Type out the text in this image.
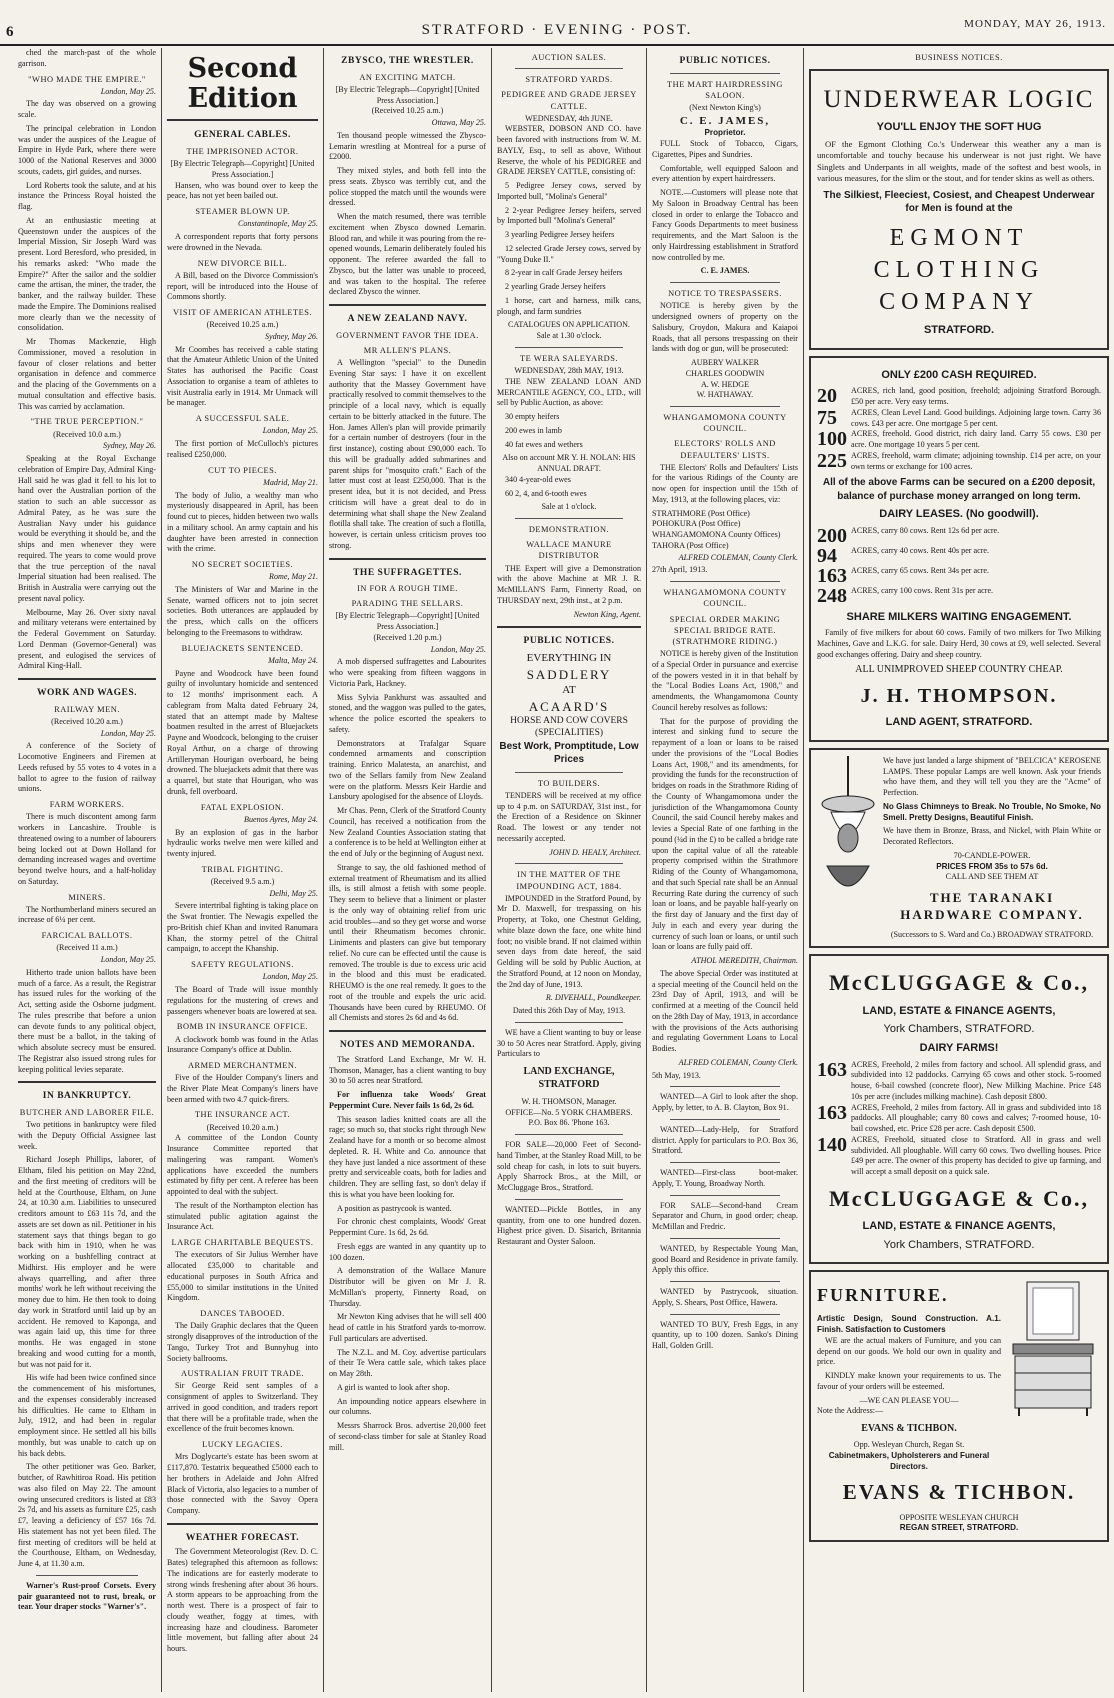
6	STRATFORD · EVENING · POST.	MONDAY, MAY 26, 1913.

ched the march-past of the whole garrison.

"WHO MADE THE EMPIRE."
London, May 25.

The day was observed on a growing scale.

The principal celebration in London was under the auspices of the League of Empire in Hyde Park, where there were 1000 of the National Reserves and 3000 scouts, cadets, girl guides, and nurses.

Lord Roberts took the salute, and at his instance the Princess Royal hoisted the flag.

At an enthusiastic meeting at Queenstown under the auspices of the Imperial Mission, Sir Joseph Ward was present. Lord Beresford, who presided, in his remarks asked: "Who made the Empire?" After the sailor and the soldier came the artisan, the miner, the trader, the banker, and the railway builder. These made the Empire. The Dominions realised more clearly than we the necessity of consolidation.

Mr Thomas Mackenzie, High Commissioner, moved a resolution in favour of closer relations and better organisation in defence and commerce and the placing of the Governments on a mutual consultation and effective basis. This was carried by acclamation.

"THE TRUE PERCEPTION."
(Received 10.0 a.m.)
Sydney, May 26.

Speaking at the Royal Exchange celebration of Empire Day, Admiral King-Hall said he was glad it fell to his lot to hand over the Australian portion of the station to such an able successor as Admiral Patey, as he was sure the Australian Navy under his guidance would be everything it should be, and the ships and men whenever they were required. The years to come would prove that the true perception of the naval Imperial situation had been realised. The British in Australia were carrying out the present naval policy.

Melbourne, May 26. Over sixty naval and military veterans were entertained by the Federal Government on Saturday. Lord Denman (Governor-General) was present, and eulogised the services of Admiral King-Hall.

WORK AND WAGES.
RAILWAY MEN.
(Received 10.20 a.m.)
London, May 25.

A conference of the Society of Locomotive Engineers and Firemen at Leeds refused by 55 votes to 4 votes in a ballot to agree to the fusion of railway unions.

FARM WORKERS.

There is much discontent among farm workers in Lancashire. Trouble is threatened owing to a number of labourers being locked out at Down Holland for demanding increased wages and overtime beyond twelve hours, and a half-holiday on Saturday.

MINERS.

The Northumberland miners secured an increase of 6¼ per cent.

FARCICAL BALLOTS.
(Received 11 a.m.)
London, May 25.

Hitherto trade union ballots have been much of a farce. As a result, the Registrar has issued rules for the working of the Act, setting aside the Osborne judgment. The rules prescribe that before a union can devote funds to any political object, there must be a ballot, in the taking of which absolute secrecy must be ensured. The Registrar also issued strong rules for keeping political levies separate.

IN BANKRUPTCY.
BUTCHER AND LABORER FILE.

Two petitions in bankruptcy were filed with the Deputy Official Assignee last week.

Richard Joseph Phillips, laborer, of Eltham, filed his petition on May 22nd, and the first meeting of creditors will be held at the Courthouse, Eltham, on June 24, at 10.30 a.m. Liabilities to unsecured creditors amount to £63 11s 7d, and the assets are set down as nil. Petitioner in his statement says that things began to go back with him in 1910, when he was working on a bushfelling contract at Midhirst. His employer and he were always quarrelling, and after three months' work he left without receiving the money due to him. He then took to doing day work in Stratford until laid up by an accident. He removed to Kaponga, and was again laid up, this time for three months. He was engaged in stone breaking and wood cutting for a month, but was not paid for it.

His wife had been twice confined since the commencement of his misfortunes, and the expenses considerably increased his difficulties. He came to Eltham in July, 1912, and had been in regular employment since. He settled all his bills monthly, but was unable to catch up on his back debts.

The other petitioner was Geo. Barker, butcher, of Rawhitiroa Road. His petition was also filed on May 22. The amount owing unsecured creditors is listed at £83 2s 7d, and his assets as furniture £25, cash £7, leaving a deficiency of £57 16s 7d. His statement has not yet been filed. The first meeting of creditors will be held at the Courthouse, Eltham, on Wednesday, June 4, at 11.30 a.m.

Warner's Rust-proof Corsets. Every pair guaranteed not to rust, break, or tear. Your draper stocks "Warner's".

Second Edition
GENERAL CABLES.
THE IMPRISONED ACTOR.
[By Electric Telegraph—Copyright] [United Press Association.]

Hansen, who was bound over to keep the peace, has not yet been bailed out.

STEAMER BLOWN UP.
Constantinople, May 25.

A correspondent reports that forty persons were drowned in the Nevada.

NEW DIVORCE BILL.

A Bill, based on the Divorce Commission's report, will be introduced into the House of Commons shortly.

VISIT OF AMERICAN ATHLETES.
(Received 10.25 a.m.)
Sydney, May 26.

Mr Coombes has received a cable stating that the Amateur Athletic Union of the United States has authorised the Pacific Coast Association to organise a team of athletes to visit Australia early in 1914. Mr Unmack will be manager.

A SUCCESSFUL SALE.
London, May 25.

The first portion of McCulloch's pictures realised £250,000.

CUT TO PIECES.
Madrid, May 21.

The body of Julio, a wealthy man who mysteriously disappeared in April, has been found cut to pieces, hidden between two walls in a military school. An army captain and his daughter have been arrested in connection with the crime.

NO SECRET SOCIETIES.
Rome, May 21.

The Ministers of War and Marine in the Senate, warned officers not to join secret societies. Both utterances are applauded by the press, which calls on the officers belonging to the Freemasons to withdraw.

BLUEJACKETS SENTENCED.
Malta, May 24.

Payne and Woodcock have been found guilty of involuntary homicide and sentenced to 12 months' imprisonment each. A cablegram from Malta dated February 24, stated that an attempt made by Maltese boatmen resulted in the arrest of Bluejackets Payne and Woodcock, belonging to the cruiser Royal Arthur, on a charge of throwing Artilleryman Hourigan overboard, he being drowned. The bluejackets admit that there was a quarrel, but state that Hourigan, who was drunk, fell overboard.

FATAL EXPLOSION.
Buenos Ayres, May 24.

By an explosion of gas in the harbor hydraulic works twelve men were killed and twenty injured.

TRIBAL FIGHTING.
(Received 9.5 a.m.)
Delhi, May 25.

Severe intertribal fighting is taking place on the Swat frontier. The Newagis expelled the pro-British chief Khan and invited Ranumara Khan, the stormy petrel of the Chitral campaign, to accept the Khanship.

SAFETY REGULATIONS.
London, May 25.

The Board of Trade will issue monthly regulations for the mustering of crews and passengers whenever boats are lowered at sea.

BOMB IN INSURANCE OFFICE.

A clockwork bomb was found in the Atlas Insurance Company's office at Dublin.

ARMED MERCHANTMEN.

Five of the Houlder Company's liners and the River Plate Meat Company's liners have been armed with two 4.7 quick-firers.

THE INSURANCE ACT.
(Received 10.20 a.m.)

A committee of the London County Insurance Committee reported that malingering was rampant. Women's applications have exceeded the numbers estimated by fifty per cent. A referee has been appointed to deal with the subject.

The result of the Northampton election has stimulated public agitation against the Insurance Act.

LARGE CHARITABLE BEQUESTS.

The executors of Sir Julius Wernher have allocated £35,000 to charitable and educational purposes in South Africa and £55,000 to similar institutions in the United Kingdom.

DANCES TABOOED.

The Daily Graphic declares that the Queen strongly disapproves of the introduction of the Tango, Turkey Trot and Bunnyhug into Society ballrooms.

AUSTRALIAN FRUIT TRADE.

Sir George Reid sent samples of a consignment of apples to Switzerland. They arrived in good condition, and traders report that there will be a profitable trade, when the excellence of the fruit becomes known.

LUCKY LEGACIES.

Mrs Doglycarte's estate has been sworn at £117,870. Testatrix bequeathed £5000 each to her brothers in Adelaide and John Alfred Black of Victoria, also legacies to a number of those connected with the Savoy Opera Company.

WEATHER FORECAST.

The Government Meteorologist (Rev. D. C. Bates) telegraphed this afternoon as follows: The indications are for easterly moderate to strong winds freshening after about 36 hours. A storm appears to be approaching from the north west. There is a prospect of fair to cloudy weather, foggy at times, with increasing haze and cloudiness. Barometer little movement, but falling after about 24 hours.

ZBYSCO, THE WRESTLER.
AN EXCITING MATCH.
[By Electric Telegraph—Copyright] [United Press Association.]
(Received 10.25 a.m.)
Ottawa, May 25.

Ten thousand people witnessed the Zbysco-Lemarin wrestling at Montreal for a purse of £2000.

They mixed styles, and both fell into the press seats. Zbysco was terribly cut, and the police stopped the match until the wounds were dressed.

When the match resumed, there was terrible excitement when Zbysco downed Lemarin. Blood ran, and while it was pouring from the re-opened wounds, Lemarin deliberately fouled his opponent. The referee awarded the fall to Zbysco, but the latter was unable to proceed, and was taken to the hospital. The referee declared Zbysco the winner.

A NEW ZEALAND NAVY.
GOVERNMENT FAVOR THE IDEA.
MR ALLEN'S PLANS.

A Wellington "special" to the Dunedin Evening Star says: I have it on excellent authority that the Massey Government have practically resolved to commit themselves to the principle of a local navy, which is equally certain to be bitterly attacked in the future. The Hon. James Allen's plan will provide primarily for a certain number of destroyers (four in the first instance), costing about £90,000 each. To this will be gradually added submarines and parent ships for "mosquito craft." Each of the latter must cost at least £250,000. That is the present idea, but it is not decided, and Press criticism will have a great deal to do in determining what shall shape the New Zealand flotilla shall take. The creation of such a flotilla, however, is certain unless criticism proves too strong.

THE SUFFRAGETTES.
IN FOR A ROUGH TIME.
PARADING THE SELLARS.
[By Electric Telegraph—Copyright] [United Press Association.]
(Received 1.20 p.m.)
London, May 25.

A mob dispersed suffragettes and Labourites who were speaking from fifteen waggons in Victoria Park, Hackney.

Miss Sylvia Pankhurst was assaulted and stoned, and the waggon was pulled to the gates, whence the police escorted the speakers to safety.

Demonstrators at Trafalgar Square condemned armaments and conscription training. Enrico Malatesta, an anarchist, and two of the Sellars family from New Zealand were on the platform. Messrs Keir Hardie and Lansbury apologised for the absence of Lloyds.

Mr Chas. Penn, Clerk of the Stratford County Council, has received a notification from the New Zealand Counties Association stating that a conference is to be held at Wellington either at the end of July or the beginning of August next.

Strange to say, the old fashioned method of external treatment of Rheumatism and its allied ills, is still almost a fetish with some people. They seem to believe that a liniment or plaster is the only way of obtaining relief from uric acid troubles—and so they get worse and worse until their Rheumatism becomes chronic. Liniments and plasters can give but temporary relief. No cure can be effected until the cause is removed. The trouble is due to excess uric acid in the blood and this must be eradicated. RHEUMO is the one real remedy. It goes to the root of the trouble and expels the uric acid. Thousands have been cured by RHEUMO. Of all Chemists and stores 2s 6d and 4s 6d.

NOTES AND MEMORANDA.

The Stratford Land Exchange, Mr W. H. Thomson, Manager, has a client wanting to buy 30 to 50 acres near Stratford.

For influenza take Woods' Great Peppermint Cure. Never fails 1s 6d, 2s 6d.

This season ladies knitted coats are all the rage; so much so, that stocks right through New Zealand have for a month or so become almost depleted. R. H. White and Co. announce that they have just landed a nice assortment of these pretty and serviceable coats, both for ladies and children. They are selling fast, so don't delay if this is what you have been looking for.

A position as pastrycook is wanted.

For chronic chest complaints, Woods' Great Peppermint Cure. 1s 6d, 2s 6d.

Fresh eggs are wanted in any quantity up to 100 dozen.

A demonstration of the Wallace Manure Distributor will be given on Mr J. R. McMillan's property, Finnerty Road, on Thursday.

Mr Newton King advises that he will sell 400 head of cattle in his Stratford yards to-morrow. Full particulars are advertised.

The N.Z.L. and M. Coy. advertise particulars of their Te Wera cattle sale, which takes place on May 28th.

A girl is wanted to look after shop.

An impounding notice appears elsewhere in our columns.

Messrs Sharrock Bros. advertise 20,000 feet of second-class timber for sale at Stanley Road mill.

AUCTION SALES.
STRATFORD YARDS.
PEDIGREE AND GRADE JERSEY CATTLE.
WEDNESDAY, 4th JUNE.

WEBSTER, DOBSON AND CO. have been favored with instructions from W. M. BAYLY, Esq., to sell as above, Without Reserve, the whole of his PEDIGREE and GRADE JERSEY CATTLE, consisting of:

5 Pedigree Jersey cows, served by Imported bull, "Molina's General"

2 2-year Pedigree Jersey heifers, served by Imported bull "Molina's General"

3 yearling Pedigree Jersey heifers

12 selected Grade Jersey cows, served by "Young Duke II."

8 2-year in calf Grade Jersey heifers

2 yearling Grade Jersey heifers

1 horse, cart and harness, milk cans, plough, and farm sundries

CATALOGUES ON APPLICATION.
Sale at 1.30 o'clock.
TE WERA SALEYARDS.
WEDNESDAY, 28th MAY, 1913.

THE NEW ZEALAND LOAN AND MERCANTILE AGENCY, CO., LTD., will sell by Public Auction, as above:

30 empty heifers

200 ewes in lamb

40 fat ewes and wethers

Also on account MR Y. H. NOLAN: HIS ANNUAL DRAFT.

340 4-year-old ewes

60 2, 4, and 6-tooth ewes

Sale at 1 o'clock.
DEMONSTRATION.
WALLACE MANURE DISTRIBUTOR

THE Expert will give a Demonstration with the above Machine at MR J. R. McMILLAN'S Farm, Finnerty Road, on THURSDAY next, 29th inst., at 2 p.m.

Newton King, Agent.
PUBLIC NOTICES.
EVERYTHING IN
SADDLERY
AT
ACAARD'S
HORSE AND COW COVERS (SPECIALITIES)
Best Work, Promptitude, Low Prices
TO BUILDERS.

TENDERS will be received at my office up to 4 p.m. on SATURDAY, 31st inst., for the Erection of a Residence on Skinner Road. The lowest or any tender not necessarily accepted.

JOHN D. HEALY, Architect.
IN THE MATTER OF THE IMPOUNDING ACT, 1884.

IMPOUNDED in the Stratford Pound, by Mr D. Maxwell, for trespassing on his Property, at Toko, one Chestnut Gelding, white blaze down the face, one white hind foot; no visible brand. If not claimed within seven days from date hereof, the said Gelding will be sold by Public Auction, at the Stratford Pound, at 12 noon on Monday, the 2nd day of June, 1913.

R. DIVEHALL, Poundkeeper.
Dated this 26th Day of May, 1913.

WE have a Client wanting to buy or lease 30 to 50 Acres near Stratford. Apply, giving Particulars to

LAND EXCHANGE, STRATFORD
W. H. THOMSON, Manager.
OFFICE—No. 5 YORK CHAMBERS.
P.O. Box 86. 'Phone 163.

FOR SALE—20,000 Feet of Second-hand Timber, at the Stanley Road Mill, to be sold cheap for cash, in lots to suit buyers. Apply Sharrock Bros., at the Mill, or McCluggage Bros., Stratford.

WANTED—Pickle Bottles, in any quantity, from one to one hundred dozen. Highest price given. D. Sisarich, Britannia Restaurant and Oyster Saloon.

PUBLIC NOTICES.
THE MART HAIRDRESSING SALOON.
(Next Newton King's)
C. E. JAMES,
Proprietor.

FULL Stock of Tobacco, Cigars, Cigarettes, Pipes and Sundries.

Comfortable, well equipped Saloon and every attention by expert hairdressers.

NOTE.—Customers will please note that My Saloon in Broadway Central has been closed in order to enlarge the Tobacco and Fancy Goods Departments to meet business requirements, and the Mart Saloon is the only Hairdressing establishment in Stratford now controlled by me.

C. E. JAMES.
NOTICE TO TRESPASSERS.

NOTICE is hereby given by the undersigned owners of property on the Salisbury, Croydon, Makura and Kaiapoi Roads, that all persons trespassing on their lands with dog or gun, will be prosecuted:

AUBERY WALKER
CHARLES GOODWIN
A. W. HEDGE
W. HATHAWAY.
WHANGAMOMONA COUNTY COUNCIL.
ELECTORS' ROLLS AND DEFAULTERS' LISTS.

THE Electors' Rolls and Defaulters' Lists for the various Ridings of the County are now open for inspection until the 15th of May, 1913, at the following places, viz:

STRATHMORE (Post Office)
POHOKURA (Post Office)
WHANGAMOMONA County Offices)
TAHORA (Post Office)
ALFRED COLEMAN, County Clerk.
27th April, 1913.
WHANGAMOMONA COUNTY COUNCIL.
SPECIAL ORDER MAKING SPECIAL BRIDGE RATE. (STRATHMORE RIDING.)

NOTICE is hereby given of the Institution of a Special Order in pursuance and exercise of the powers vested in it in that behalf by the "Local Bodies Loans Act, 1908," and amendments, the Whangamomona County Council hereby resolves as follows:

That for the purpose of providing the interest and sinking fund to secure the repayment of a loan or loans to be raised under the provisions of the "Local Bodies Loans Act, 1908," and its amendments, for providing the funds for the reconstruction of bridges on roads in the Strathmore Riding of the County of Whangamomona under the jurisdiction of the Whangamomona County Council, the said Council hereby makes and levies a Special Rate of one farthing in the pound (¼d in the £) to be called a bridge rate upon the capital value of all the rateable property comprised within the Strathmore Riding of the County of Whangamomona, and that such Special rate shall be an Annual Recurring Rate during the currency of such loan or loans, and be payable half-yearly on the first day of January and the first day of July in each and every year during the currency of such loan or loans, or until such loan or loans are fully paid off.

ATHOL MEREDITH, Chairman.

The above Special Order was instituted at a special meeting of the Council held on the 23rd Day of April, 1913, and will be confirmed at a meeting of the Council held on the 28th Day of May, 1913, in accordance with the provisions of the Acts authorising and regulating Government Loans to Local Bodies.

ALFRED COLEMAN, County Clerk.
5th May, 1913.

WANTED—A Girl to look after the shop. Apply, by letter, to A. B. Clayton, Box 91.

WANTED—Lady-Help, for Stratford district. Apply for particulars to P.O. Box 36, Stratford.

WANTED—First-class boot-maker. Apply, T. Young, Broadway North.

FOR SALE—Second-hand Cream Separator and Churn, in good order; cheap. McMillan and Fredric.

WANTED, by Respectable Young Man, good Board and Residence in private family. Apply this office.

WANTED by Pastrycook, situation. Apply, S. Shears, Post Office, Hawera.

WANTED TO BUY, Fresh Eggs, in any quantity, up to 100 dozen. Sanko's Dining Hall, Golden Grill.

BUSINESS NOTICES.
UNDERWEAR LOGIC
YOU'LL ENJOY THE SOFT HUG

OF the Egmont Clothing Co.'s Underwear this weather any a man is uncomfortable and touchy because his underwear is not just right. We have Singlets and Underpants in all weights, made of the softest and best wools, in various measures, for the slim or the stout, and for tender skins as well as others.

The Silkiest, Fleeciest, Cosiest, and Cheapest Underwear for Men is found at the
EGMONT CLOTHING COMPANY
STRATFORD.
ONLY £200 CASH REQUIRED.
20	ACRES, rich land, good position, freehold; adjoining Stratford Borough. £50 per acre. Very easy terms.
75	ACRES, Clean Level Land. Good buildings. Adjoining large town. Carry 36 cows. £43 per acre. One mortgage 5 per cent.
100 ACRES, freehold. Good district, rich dairy land. Carry 55 cows. £30 per acre. One mortgage 10 years 5 per cent.
225 ACRES, freehold, warm climate; adjoining township. £14 per acre, on your own terms or exchange for 100 acres.
All of the above Farms can be secured on a £200 deposit, balance of purchase money arranged on long term.
DAIRY LEASES. (No goodwill).
200 ACRES, carry 80 cows. Rent 12s 6d per acre.
94	ACRES, carry 40 cows. Rent 40s per acre.
163 ACRES, carry 65 cows. Rent 34s per acre.
248 ACRES, carry 100 cows. Rent 31s per acre.
SHARE MILKERS WAITING ENGAGEMENT.

Family of five milkers for about 60 cows. Family of two milkers for Two Milking Machines, Gave and L.K.G. for sale. Dairy Herd, 30 cows at £9, well selected. Several good exchanges offering. Dairy and sheep country.

ALL UNIMPROVED SHEEP COUNTRY CHEAP.
J. H. THOMPSON.
LAND AGENT, STRATFORD.

We have just landed a large shipment of "BELCICA" KEROSENE LAMPS. These popular Lamps are well known. Ask your friends who have them, and they will tell you they are the "Acme" of Perfection.

No Glass Chimneys to Break. No Trouble, No Smoke, No Smell. Pretty Designs, Beautiful Finish.

We have them in Bronze, Brass, and Nickel, with Plain White or Decorated Reflectors.

70-CANDLE-POWER.
PRICES FROM 35s to 57s 6d.
CALL AND SEE THEM AT
THE TARANAKI HARDWARE COMPANY.
(Successors to S. Ward and Co.) BROADWAY STRATFORD.
McCLUGGAGE & Co.,
LAND, ESTATE & FINANCE AGENTS,
York Chambers, STRATFORD.
DAIRY FARMS!
163 ACRES, Freehold, 2 miles from factory and school. All splendid grass, and subdivided into 12 paddocks. Carrying 65 cows and other stock. 5-roomed house, 6-bail cowshed (concrete floor), New Milking Machine. Price £48 10s per acre (includes milking machine). Cash deposit £800.
163 ACRES, Freehold, 2 miles from factory. All in grass and subdivided into 18 paddocks. All ploughable; carry 80 cows and calves; 7-roomed house, 10-bail cowshed, etc. Price £28 per acre. Cash deposit £500.
140 ACRES, Freehold, situated close to Stratford. All in grass and well subdivided. All ploughable. Will carry 60 cows. Two dwelling houses. Price £49 per acre. The owner of this property has decided to give up farming, and will accept a small deposit on a quick sale.
McCLUGGAGE & Co.,
LAND, ESTATE & FINANCE AGENTS,
York Chambers, STRATFORD.
FURNITURE.
Artistic Design, Sound Construction. A.1. Finish. Satisfaction to Customers

WE are the actual makers of Furniture, and you can depend on our goods. We hold our own in quality and price.

KINDLY make known your requirements to us. The favour of your orders will be esteemed.

—WE CAN PLEASE YOU—
Note the Address:—
EVANS & TICHBON.
Opp. Wesleyan Church, Regan St.
Cabinetmakers, Upholsterers and Funeral Directors.
EVANS & TICHBON.
OPPOSITE WESLEYAN CHURCH
REGAN STREET, STRATFORD.
